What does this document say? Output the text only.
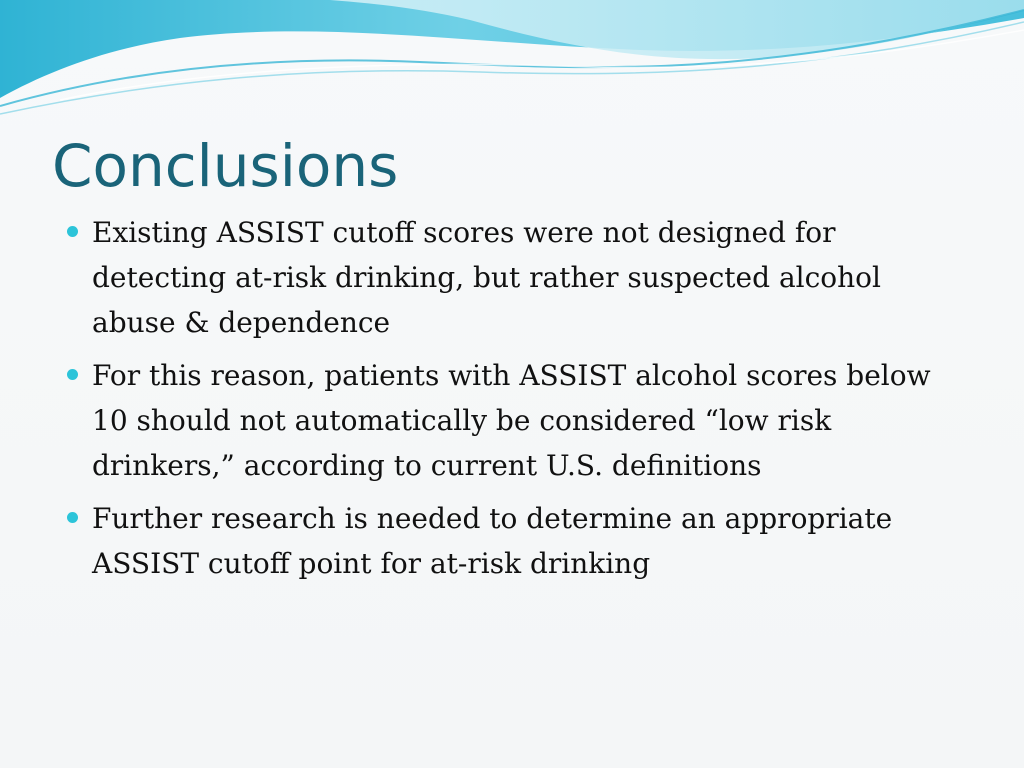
Conclusions
Existing ASSIST cutoff scores were not designed for detecting at-risk drinking, but rather suspected alcohol abuse & dependence
For this reason, patients with ASSIST alcohol scores below 10 should not automatically be considered “low risk drinkers,” according to current U.S. definitions
Further research is needed to determine an appropriate ASSIST cutoff point for at-risk drinking
